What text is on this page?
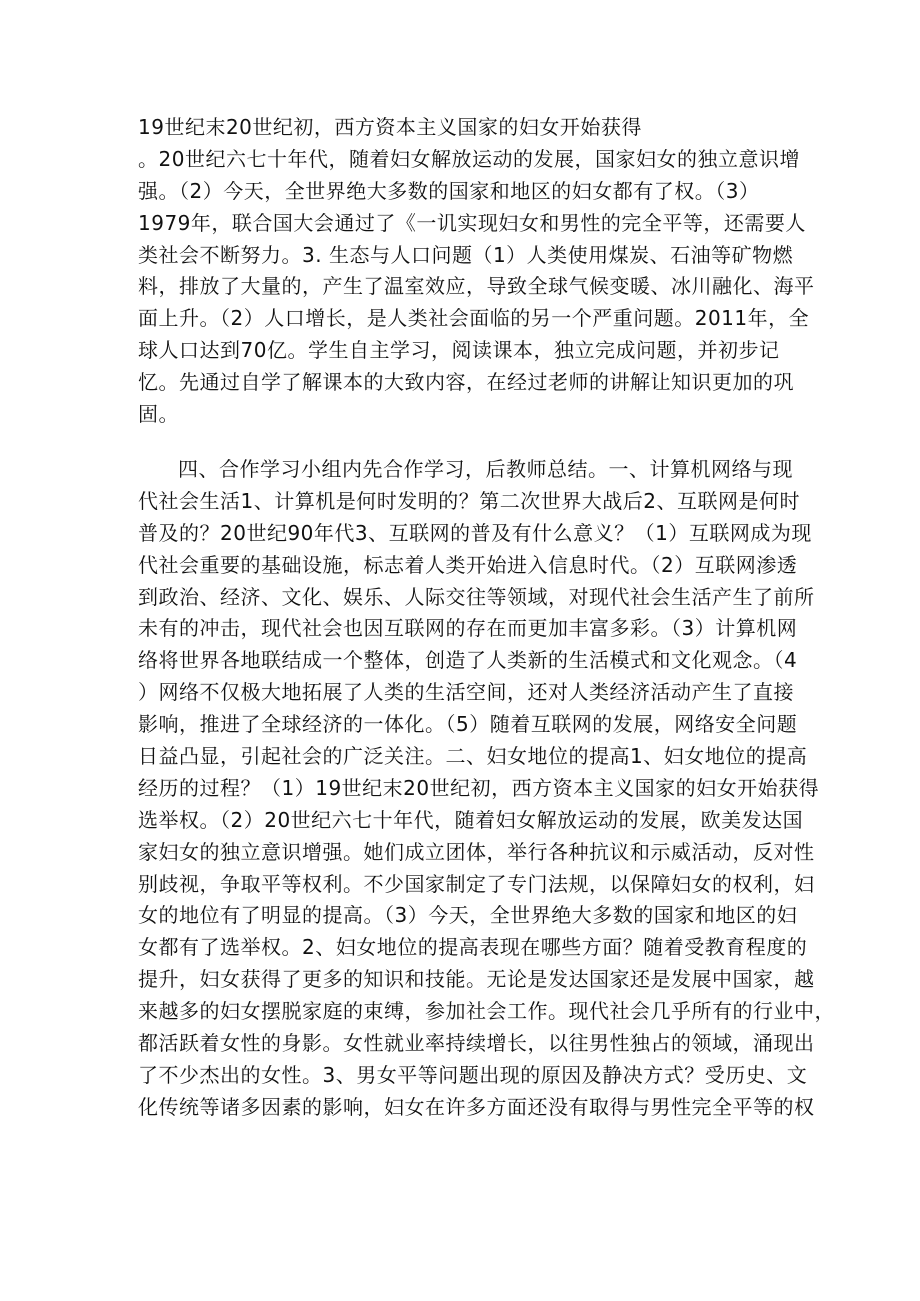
19世纪末20世纪初，西方资本主义国家的妇女开始获得
。20世纪六七十年代，随着妇女解放运动的发展，国家妇女的独立意识增
强。（2）今天，全世界绝大多数的国家和地区的妇女都有了权。（3）
1979年，联合国大会通过了《一讥实现妇女和男性的完全平等，还需要人
类社会不断努力。3. 生态与人口问题（1）人类使用煤炭、石油等矿物燃
料，排放了大量的，产生了温室效应，导致全球气候变暖、冰川融化、海平
面上升。（2）人口增长，是人类社会面临的另一个严重问题。2011年，全
球人口达到70亿。学生自主学习，阅读课本，独立完成问题，并初步记
忆。先通过自学了解课本的大致内容，在经过老师的讲解让知识更加的巩
固。
四、合作学习小组内先合作学习，后教师总结。一、计算机网络与现
代社会生活1、计算机是何时发明的？第二次世界大战后2、互联网是何时
普及的？20世纪90年代3、互联网的普及有什么意义？（1）互联网成为现
代社会重要的基础设施，标志着人类开始进入信息时代。（2）互联网渗透
到政治、经济、文化、娱乐、人际交往等领域，对现代社会生活产生了前所
未有的冲击，现代社会也因互联网的存在而更加丰富多彩。（3）计算机网
络将世界各地联结成一个整体，创造了人类新的生活模式和文化观念。（4
）网络不仅极大地拓展了人类的生活空间，还对人类经济活动产生了直接
影响，推进了全球经济的一体化。（5）随着互联网的发展，网络安全问题
日益凸显，引起社会的广泛关注。二、妇女地位的提高1、妇女地位的提高
经历的过程？（1）19世纪末20世纪初，西方资本主义国家的妇女开始获得
选举权。（2）20世纪六七十年代，随着妇女解放运动的发展，欧美发达国
家妇女的独立意识增强。她们成立团体，举行各种抗议和示威活动，反对性
别歧视，争取平等权利。不少国家制定了专门法规，以保障妇女的权利，妇
女的地位有了明显的提高。（3）今天，全世界绝大多数的国家和地区的妇
女都有了选举权。2、妇女地位的提高表现在哪些方面？随着受教育程度的
提升，妇女获得了更多的知识和技能。无论是发达国家还是发展中国家，越
来越多的妇女摆脱家庭的束缚，参加社会工作。现代社会几乎所有的行业中，
都活跃着女性的身影。女性就业率持续增长，以往男性独占的领域，涌现出
了不少杰出的女性。3、男女平等问题出现的原因及静决方式？受历史、文
化传统等诸多因素的影响，妇女在许多方面还没有取得与男性完全平等的权
